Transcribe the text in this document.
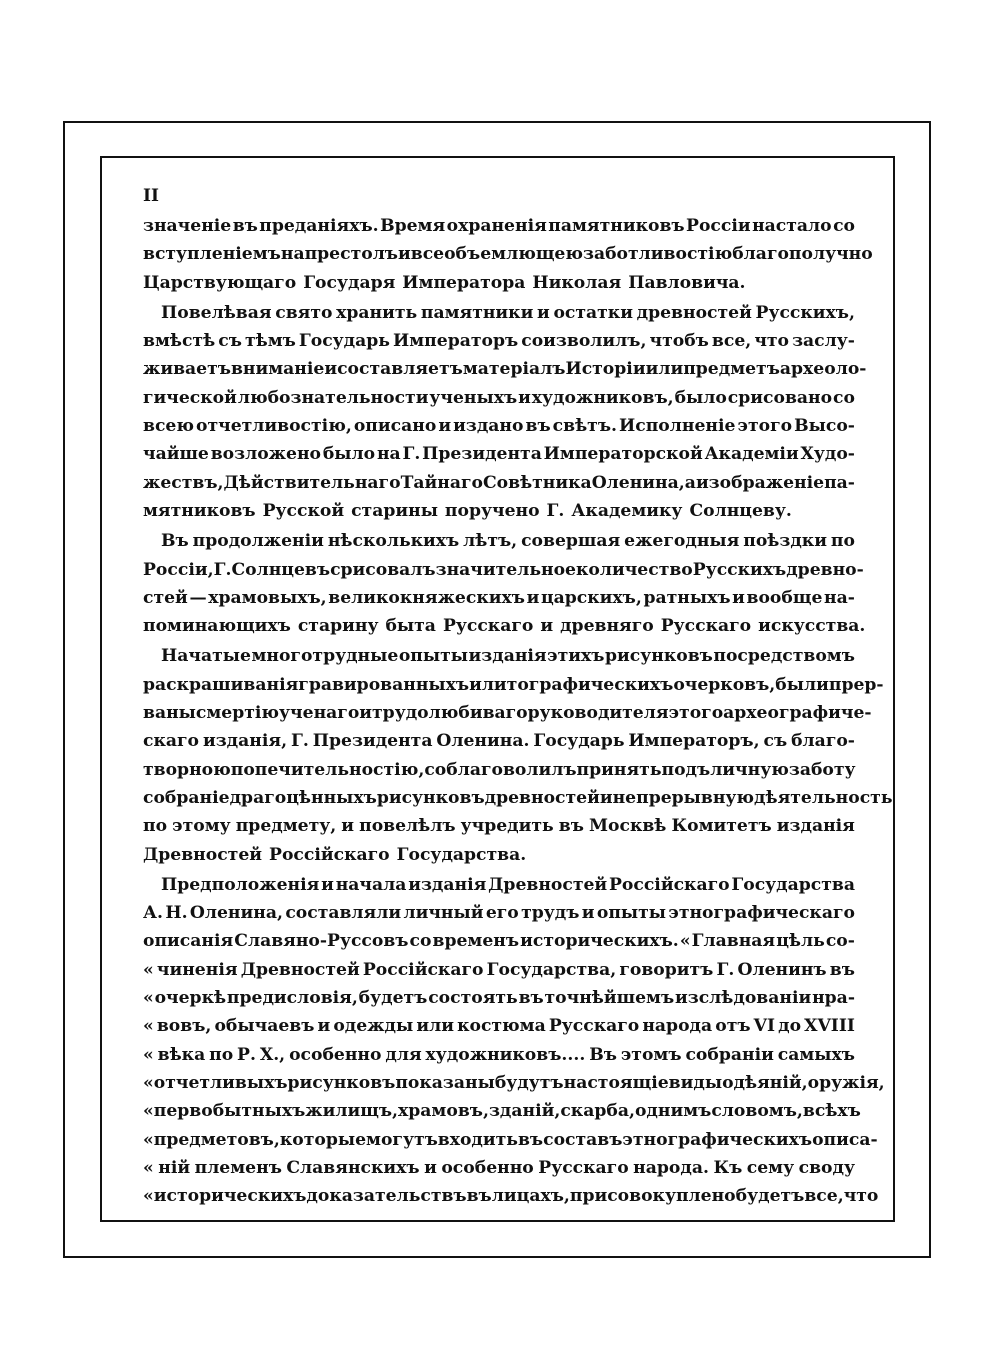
II
значеніе въ преданіяхъ. Время охраненія памятниковъ Россіи настало со
вступленіемъ на престолъ и всеобъемлющею заботливостію благополучно
Царствующаго Государя Императора Николая Павловича.
Повелѣвая свято хранить памятники и остатки древностей Русскихъ,
вмѣстѣ съ тѣмъ Государь Императоръ соизволилъ, чтобъ все, что заслу-
живаетъ вниманіе и составляетъ матеріалъ Исторіи или предметъ археоло-
гической любознательности ученыхъ и художниковъ, было срисовано со
всею отчетливостію, описано и издано въ свѣтъ. Исполненіе этого Высо-
чайше возложено было на Г. Президента Императорской Академіи Худо-
жествъ, Дѣйствительнаго Тайнаго Совѣтника Оленина, а изображеніе па-
мятниковъ Русской старины поручено Г. Академику Солнцеву.
Въ продолженіи нѣсколькихъ лѣтъ, совершая ежегодныя поѣздки по
Россіи, Г. Солнцевъ срисовалъ значительное количество Русскихъ древно-
стей — храмовыхъ, великокняжескихъ и царскихъ, ратныхъ и вообще на-
поминающихъ старину быта Русскаго и древняго Русскаго искусства.
Начатые многотрудные опыты изданія этихъ рисунковъ посредствомъ
раскрашиванія гравированныхъ и литографическихъ очерковъ, были прер-
ваны смертію ученаго и трудолюбиваго руководителя этого археографиче-
скаго изданія, Г. Президента Оленина. Государь Императоръ, съ благо-
творною попечительностію, соблаговолилъ принять подъ личную заботу
собраніе драгоцѣнныхъ рисунковъ древностей и непрерывную дѣятельность
по этому предмету, и повелѣлъ учредить въ Москвѣ Комитетъ изданія
Древностей Россійскаго Государства.
Предположенія и начала изданія Древностей Россійскаго Государства
А. Н. Оленина, составляли личный его трудъ и опыты этнографическаго
описанія Славяно-Руссовъ со временъ историческихъ. « Главная цѣль со-
« чиненія Древностей Россійскаго Государства, говоритъ Г. Оленинъ въ
« очеркѣ предисловія, будетъ состоять въ точнѣйшемъ изслѣдованіи нра-
« вовъ, обычаевъ и одежды или костюма Русскаго народа отъ VI до XVIII
« вѣка по Р. Х., особенно для художниковъ.... Въ этомъ собраніи самыхъ
« отчетливыхъ рисунковъ показаны будутъ настоящіе виды одѣяній, оружія,
« первобытныхъ жилищъ, храмовъ, зданій, скарба, однимъ словомъ, всѣхъ
« предметовъ, которые могутъ входить въ составъ этнографическихъ описа-
« ній племенъ Славянскихъ и особенно Русскаго народа. Къ сему своду
« историческихъ доказательствъ въ лицахъ, присовокуплено будетъ все, что
